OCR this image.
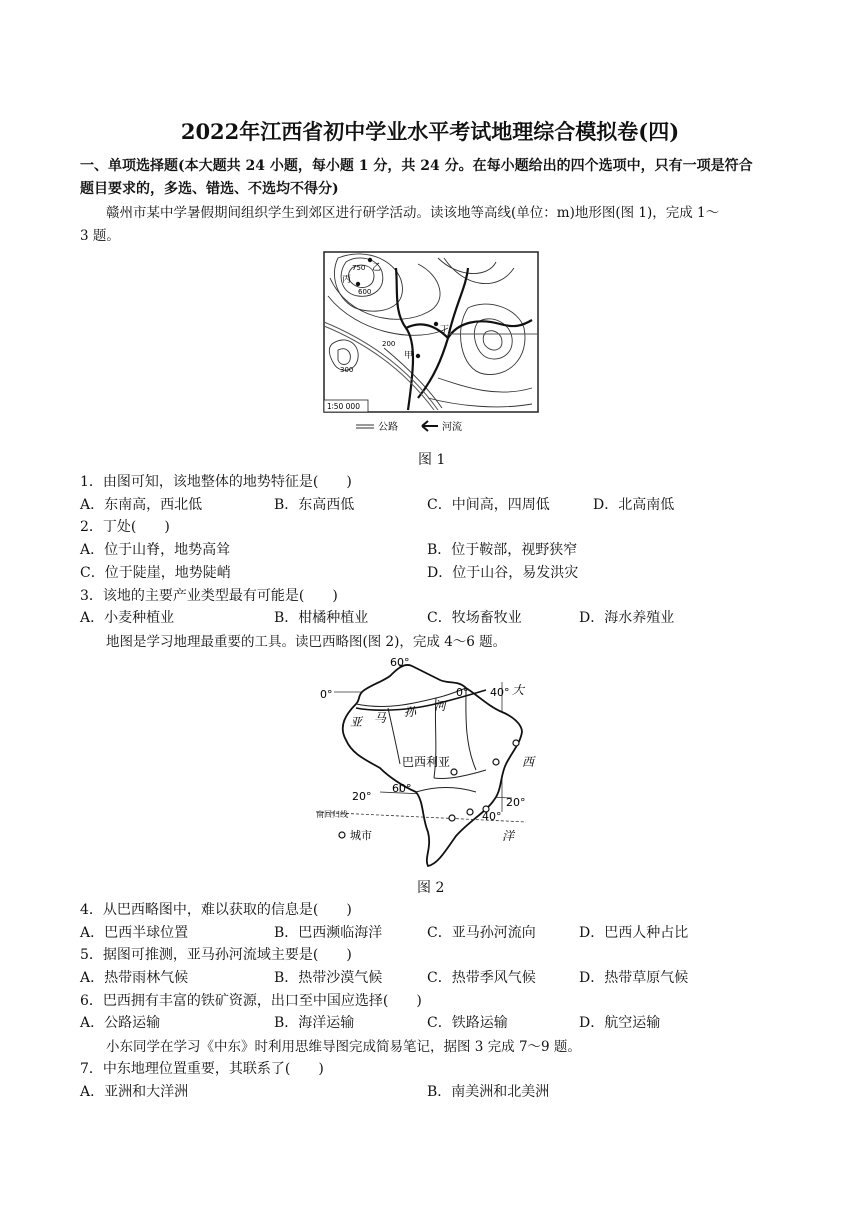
2022年江西省初中学业水平考试地理综合模拟卷(四)
一、单项选择题(本大题共 24 小题，每小题 1 分，共 24 分。在每小题给出的四个选项中，只有一项是符合
题目要求的，多选、错选、不选均不得分)
赣州市某中学暑假期间组织学生到郊区进行研学活动。读该地等高线(单位：m)地形图(图 1)，完成 1～
3 题。
乙
丙
丁
甲
750
600
200
300
1∶50 000
公路	河流
图 1
1．由图可知，该地整体的地势特征是(　　)
A．东南高，西北低	B．东高西低	C．中间高，四周低	D．北高南低
2．丁处(　　)
A．位于山脊，地势高耸	B．位于鞍部，视野狭窄
C．位于陡崖，地势陡峭	D．位于山谷，易发洪灾
3．该地的主要产业类型最有可能是(　　)
A．小麦种植业	B．柑橘种植业	C．牧场畜牧业	D．海水养殖业
地图是学习地理最重要的工具。读巴西略图(图 2)，完成 4～6 题。
60°
40°
0°	0°
60°
40°
20°	20°
巴西利亚
南回归线
城市
亚 马 孙 河
大
西
洋
图 2
4．从巴西略图中，难以获取的信息是(　　)
A．巴西半球位置	B．巴西濒临海洋	C．亚马孙河流向	D．巴西人种占比
5．据图可推测，亚马孙河流域主要是(　　)
A．热带雨林气候	B．热带沙漠气候	C．热带季风气候	D．热带草原气候
6．巴西拥有丰富的铁矿资源，出口至中国应选择(　　)
A．公路运输	B．海洋运输	C．铁路运输	D．航空运输
小东同学在学习《中东》时利用思维导图完成简易笔记，据图 3 完成 7～9 题。
7．中东地理位置重要，其联系了(　　)
A．亚洲和大洋洲	B．南美洲和北美洲
